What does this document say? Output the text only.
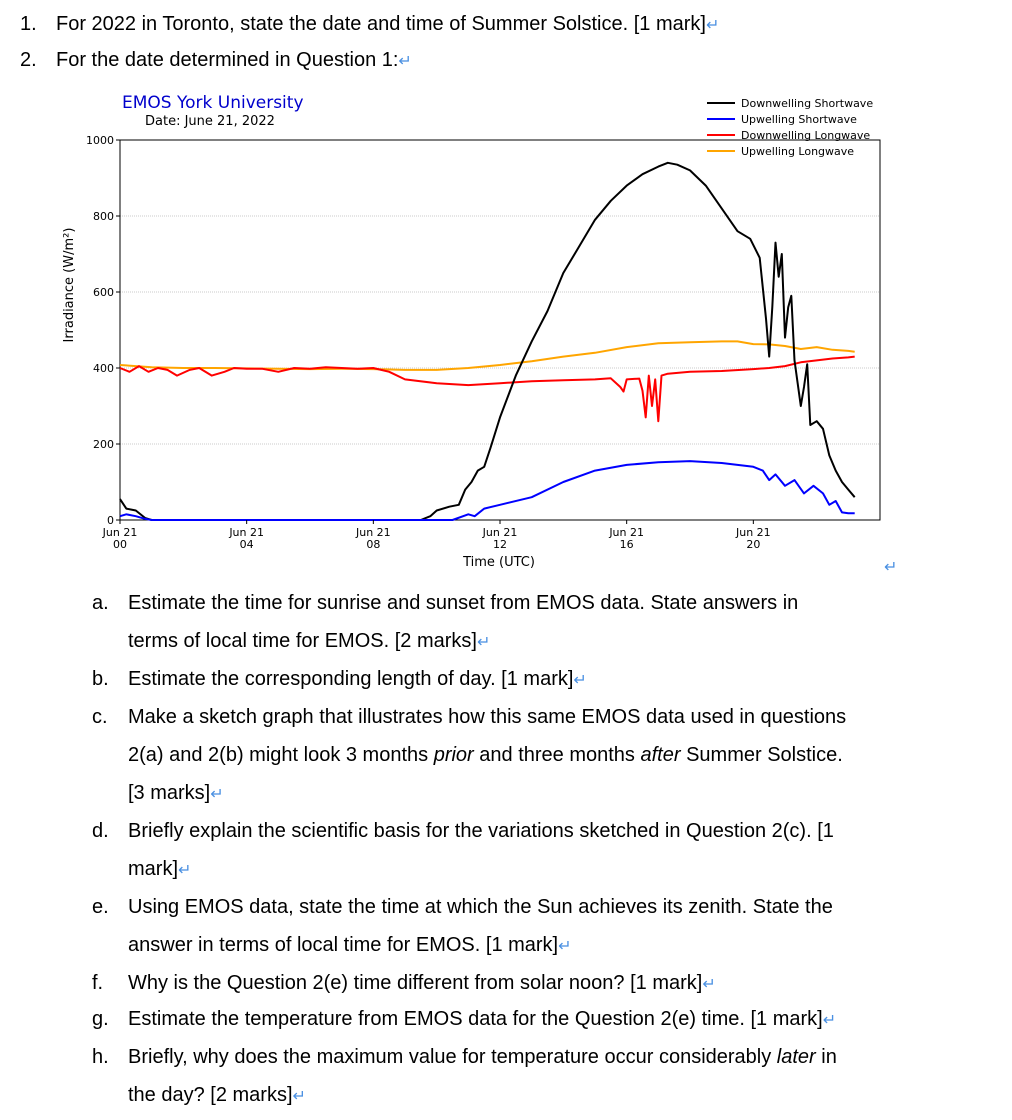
1. For 2022 in Toronto, state the date and time of Summer Solstice. [1 mark]↵
2. For the date determined in Question 1:↵
0
200
400
600
800
1000
Jun 21
00
Jun 21
04
Jun 21
08
Jun 21
12
Jun 21
16
Jun 21
20
EMOS York University
Date: June 21, 2022
Time (UTC)
Irradiance (W/m²)
Downwelling Shortwave
Upwelling Shortwave
Downwelling Longwave
Upwelling Longwave
↵
a. Estimate the time for sunrise and sunset from EMOS data. State answers in
terms of local time for EMOS. [2 marks]↵
b. Estimate the corresponding length of day. [1 mark]↵
c.	Make a sketch graph that illustrates how this same EMOS data used in questions
2(a) and 2(b) might look 3 months prior and three months after Summer Solstice.
[3 marks]↵
d. Briefly explain the scientific basis for the variations sketched in Question 2(c). [1
mark]↵
e. Using EMOS data, state the time at which the Sun achieves its zenith. State the
answer in terms of local time for EMOS. [1 mark]↵
f.	Why is the Question 2(e) time different from solar noon? [1 mark]↵
g. Estimate the temperature from EMOS data for the Question 2(e) time. [1 mark]↵
h. Briefly, why does the maximum value for temperature occur considerably later in
the day? [2 marks]↵
